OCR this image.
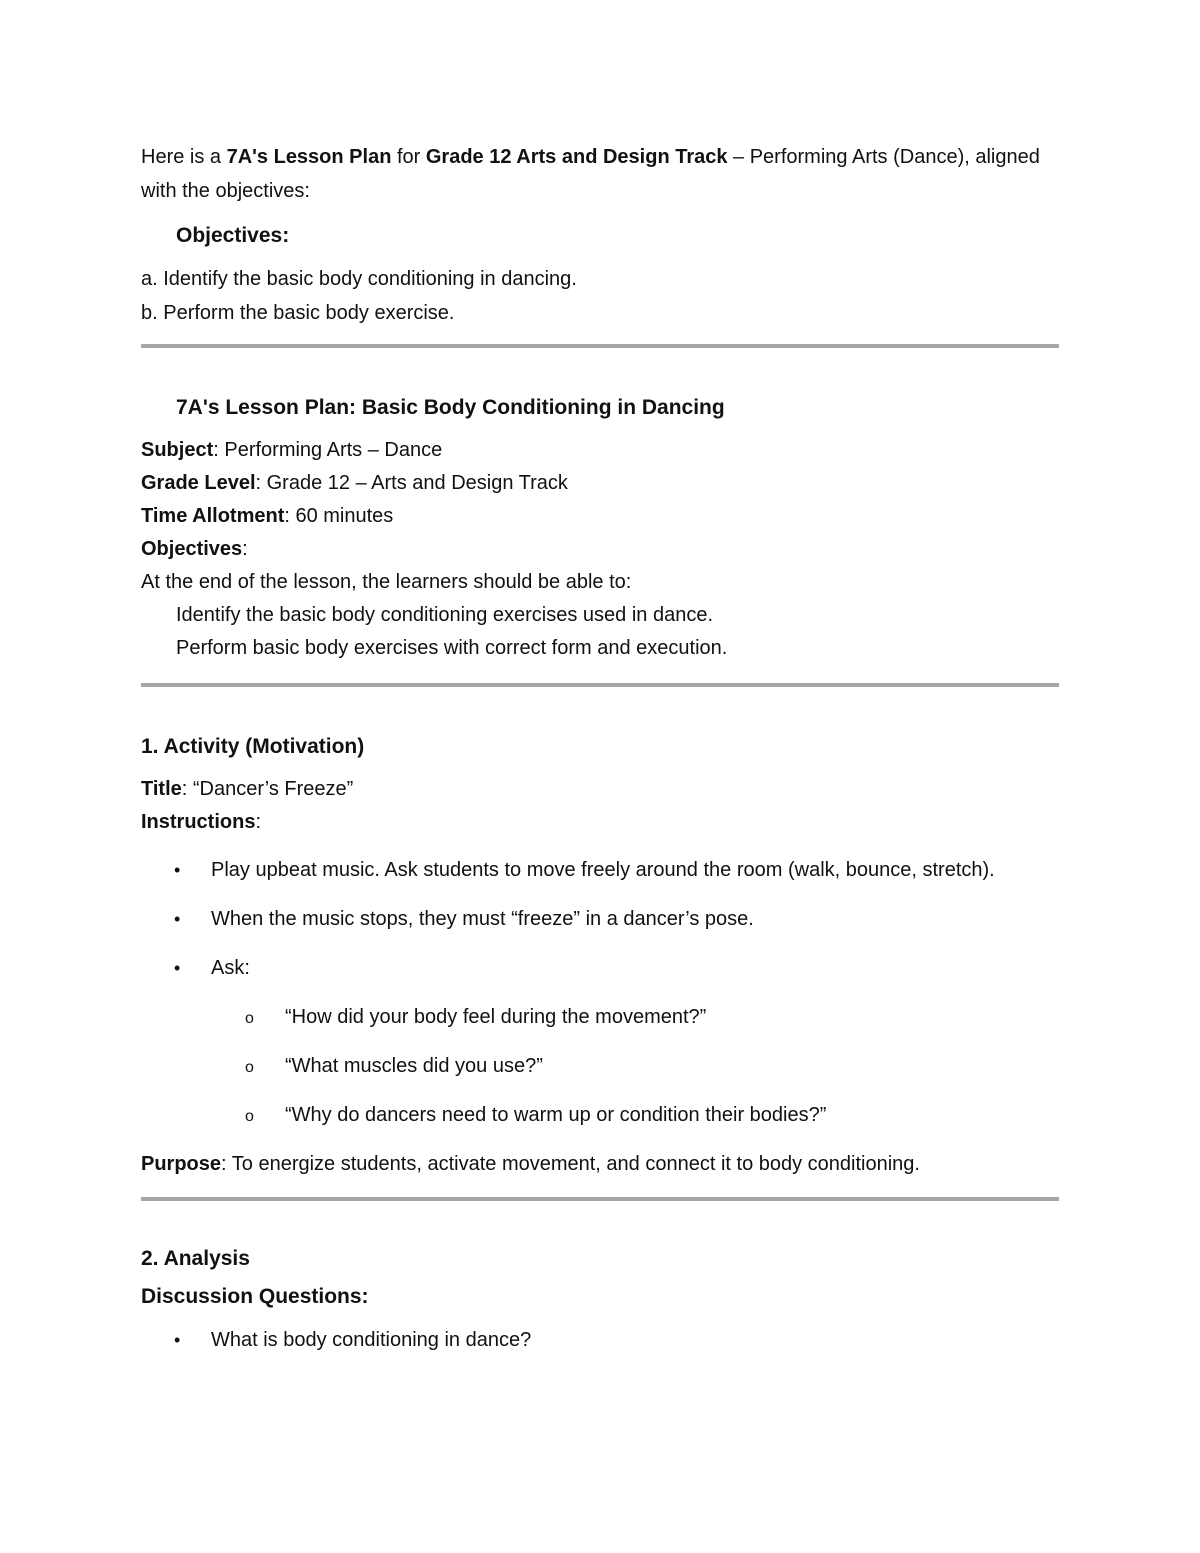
Here is a 7A's Lesson Plan for Grade 12 Arts and Design Track – Performing Arts (Dance), aligned with the objectives:

Objectives:

a. Identify the basic body conditioning in dancing.

b. Perform the basic body exercise.

7A's Lesson Plan: Basic Body Conditioning in Dancing

Subject: Performing Arts – Dance

Grade Level: Grade 12 – Arts and Design Track

Time Allotment: 60 minutes

Objectives:

At the end of the lesson, the learners should be able to:

Identify the basic body conditioning exercises used in dance.

Perform basic body exercises with correct form and execution.

1. Activity (Motivation)

Title: “Dancer’s Freeze”

Instructions:

• Play upbeat music. Ask students to move freely around the room (walk, bounce, stretch).
• When the music stops, they must “freeze” in a dancer’s pose.
• Ask:
o “How did your body feel during the movement?”
o “What muscles did you use?”
o “Why do dancers need to warm up or condition their bodies?”

Purpose: To energize students, activate movement, and connect it to body conditioning.

2. Analysis

Discussion Questions:

• What is body conditioning in dance?
